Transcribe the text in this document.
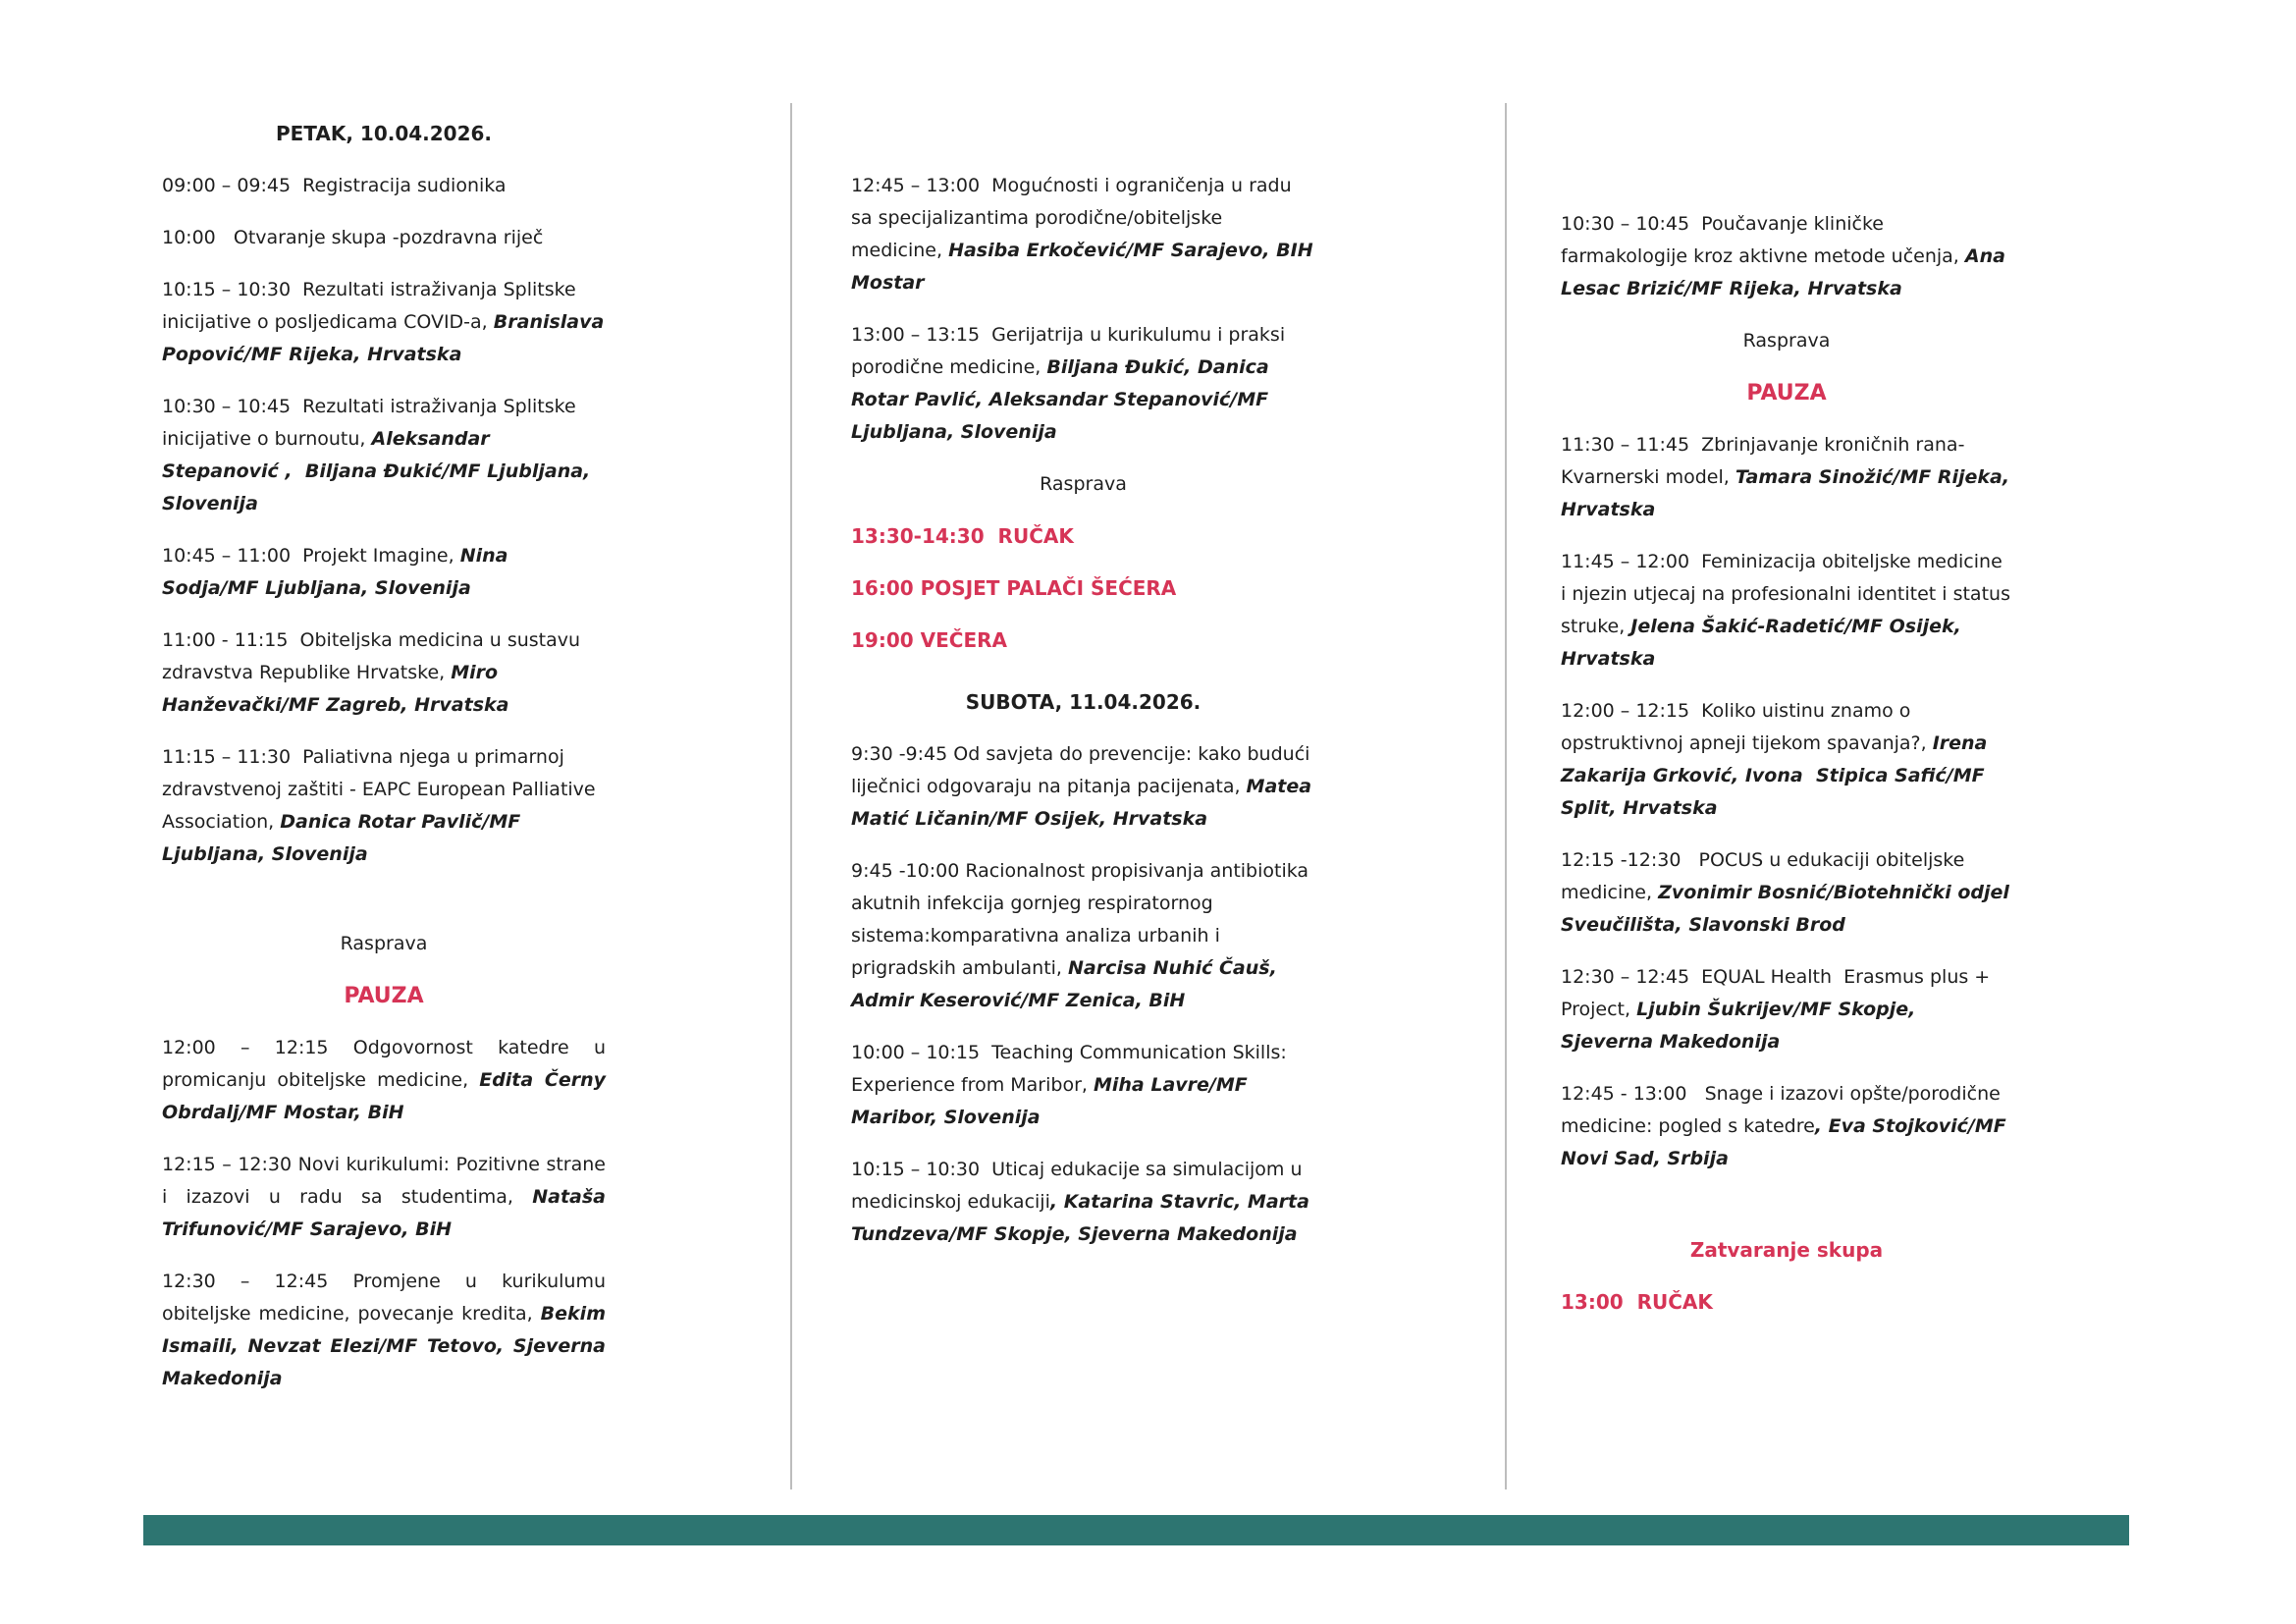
PETAK, 10.04.2026.

09:00 – 09:45  Registracija sudionika

10:00   Otvaranje skupa -pozdravna riječ

10:15 – 10:30  Rezultati istraživanja Splitske inicijative o posljedicama COVID-a, Branislava Popović/MF Rijeka, Hrvatska

10:30 – 10:45  Rezultati istraživanja Splitske inicijative o burnoutu, Aleksandar Stepanović ,  Biljana Đukić/MF Ljubljana, Slovenija

10:45 – 11:00  Projekt Imagine, Nina Sodja/MF Ljubljana, Slovenija

11:00 - 11:15  Obiteljska medicina u sustavu zdravstva Republike Hrvatske, Miro Hanževački/MF Zagreb, Hrvatska

11:15 – 11:30  Paliativna njega u primarnoj zdravstvenoj zaštiti - EAPC European Palliative Association, Danica Rotar Pavlič/MF Ljubljana, Slovenija

Rasprava

PAUZA

12:00 – 12:15 Odgovornost katedre u promicanju obiteljske medicine, Edita Černy Obrdalj/MF Mostar, BiH

12:15 – 12:30 Novi kurikulumi: Pozitivne strane i izazovi u radu sa studentima, Nataša Trifunović/MF Sarajevo, BiH

12:30 – 12:45 Promjene u kurikulumu obiteljske medicine, povecanje kredita, Bekim Ismaili, Nevzat Elezi/MF Tetovo, Sjeverna Makedonija

12:45 – 13:00  Mogućnosti i ograničenja u radu sa specijalizantima porodične/obiteljske medicine, Hasiba Erkočević/MF Sarajevo, BIH Mostar

13:00 – 13:15  Gerijatrija u kurikulumu i praksi porodične medicine, Biljana Đukić, Danica Rotar Pavlić, Aleksandar Stepanović/MF Ljubljana, Slovenija

Rasprava

13:30-14:30  RUČAK

16:00 POSJET PALAČI ŠEĆERA

19:00 VEČERA

SUBOTA, 11.04.2026.

9:30 -9:45 Od savjeta do prevencije: kako budući liječnici odgovaraju na pitanja pacijenata, Matea Matić Ličanin/MF Osijek, Hrvatska

9:45 -10:00 Racionalnost propisivanja antibiotika akutnih infekcija gornjeg respiratornog sistema:komparativna analiza urbanih i prigradskih ambulanti, Narcisa Nuhić Čauš, Admir Keserović/MF Zenica, BiH

10:00 – 10:15  Teaching Communication Skills: Experience from Maribor, Miha Lavre/MF Maribor, Slovenija

10:15 – 10:30  Uticaj edukacije sa simulacijom u medicinskoj edukaciji, Katarina Stavric, Marta Tundzeva/MF Skopje, Sjeverna Makedonija

10:30 – 10:45  Poučavanje kliničke farmakologije kroz aktivne metode učenja, Ana Lesac Brizić/MF Rijeka, Hrvatska

Rasprava

PAUZA

11:30 – 11:45  Zbrinjavanje kroničnih rana-Kvarnerski model, Tamara Sinožić/MF Rijeka, Hrvatska

11:45 – 12:00  Feminizacija obiteljske medicine i njezin utjecaj na profesionalni identitet i status struke, Jelena Šakić-Radetić/MF Osijek, Hrvatska

12:00 – 12:15  Koliko uistinu znamo o opstruktivnoj apneji tijekom spavanja?, Irena Zakarija Grković, Ivona  Stipica Safić/MF Split, Hrvatska

12:15 -12:30   POCUS u edukaciji obiteljske medicine, Zvonimir Bosnić/Biotehnički odjel Sveučilišta, Slavonski Brod

12:30 – 12:45  EQUAL Health  Erasmus plus + Project, Ljubin Šukrijev/MF Skopje, Sjeverna Makedonija

12:45 - 13:00   Snage i izazovi opšte/porodične medicine: pogled s katedre, Eva Stojković/MF Novi Sad, Srbija

Zatvaranje skupa

13:00  RUČAK
